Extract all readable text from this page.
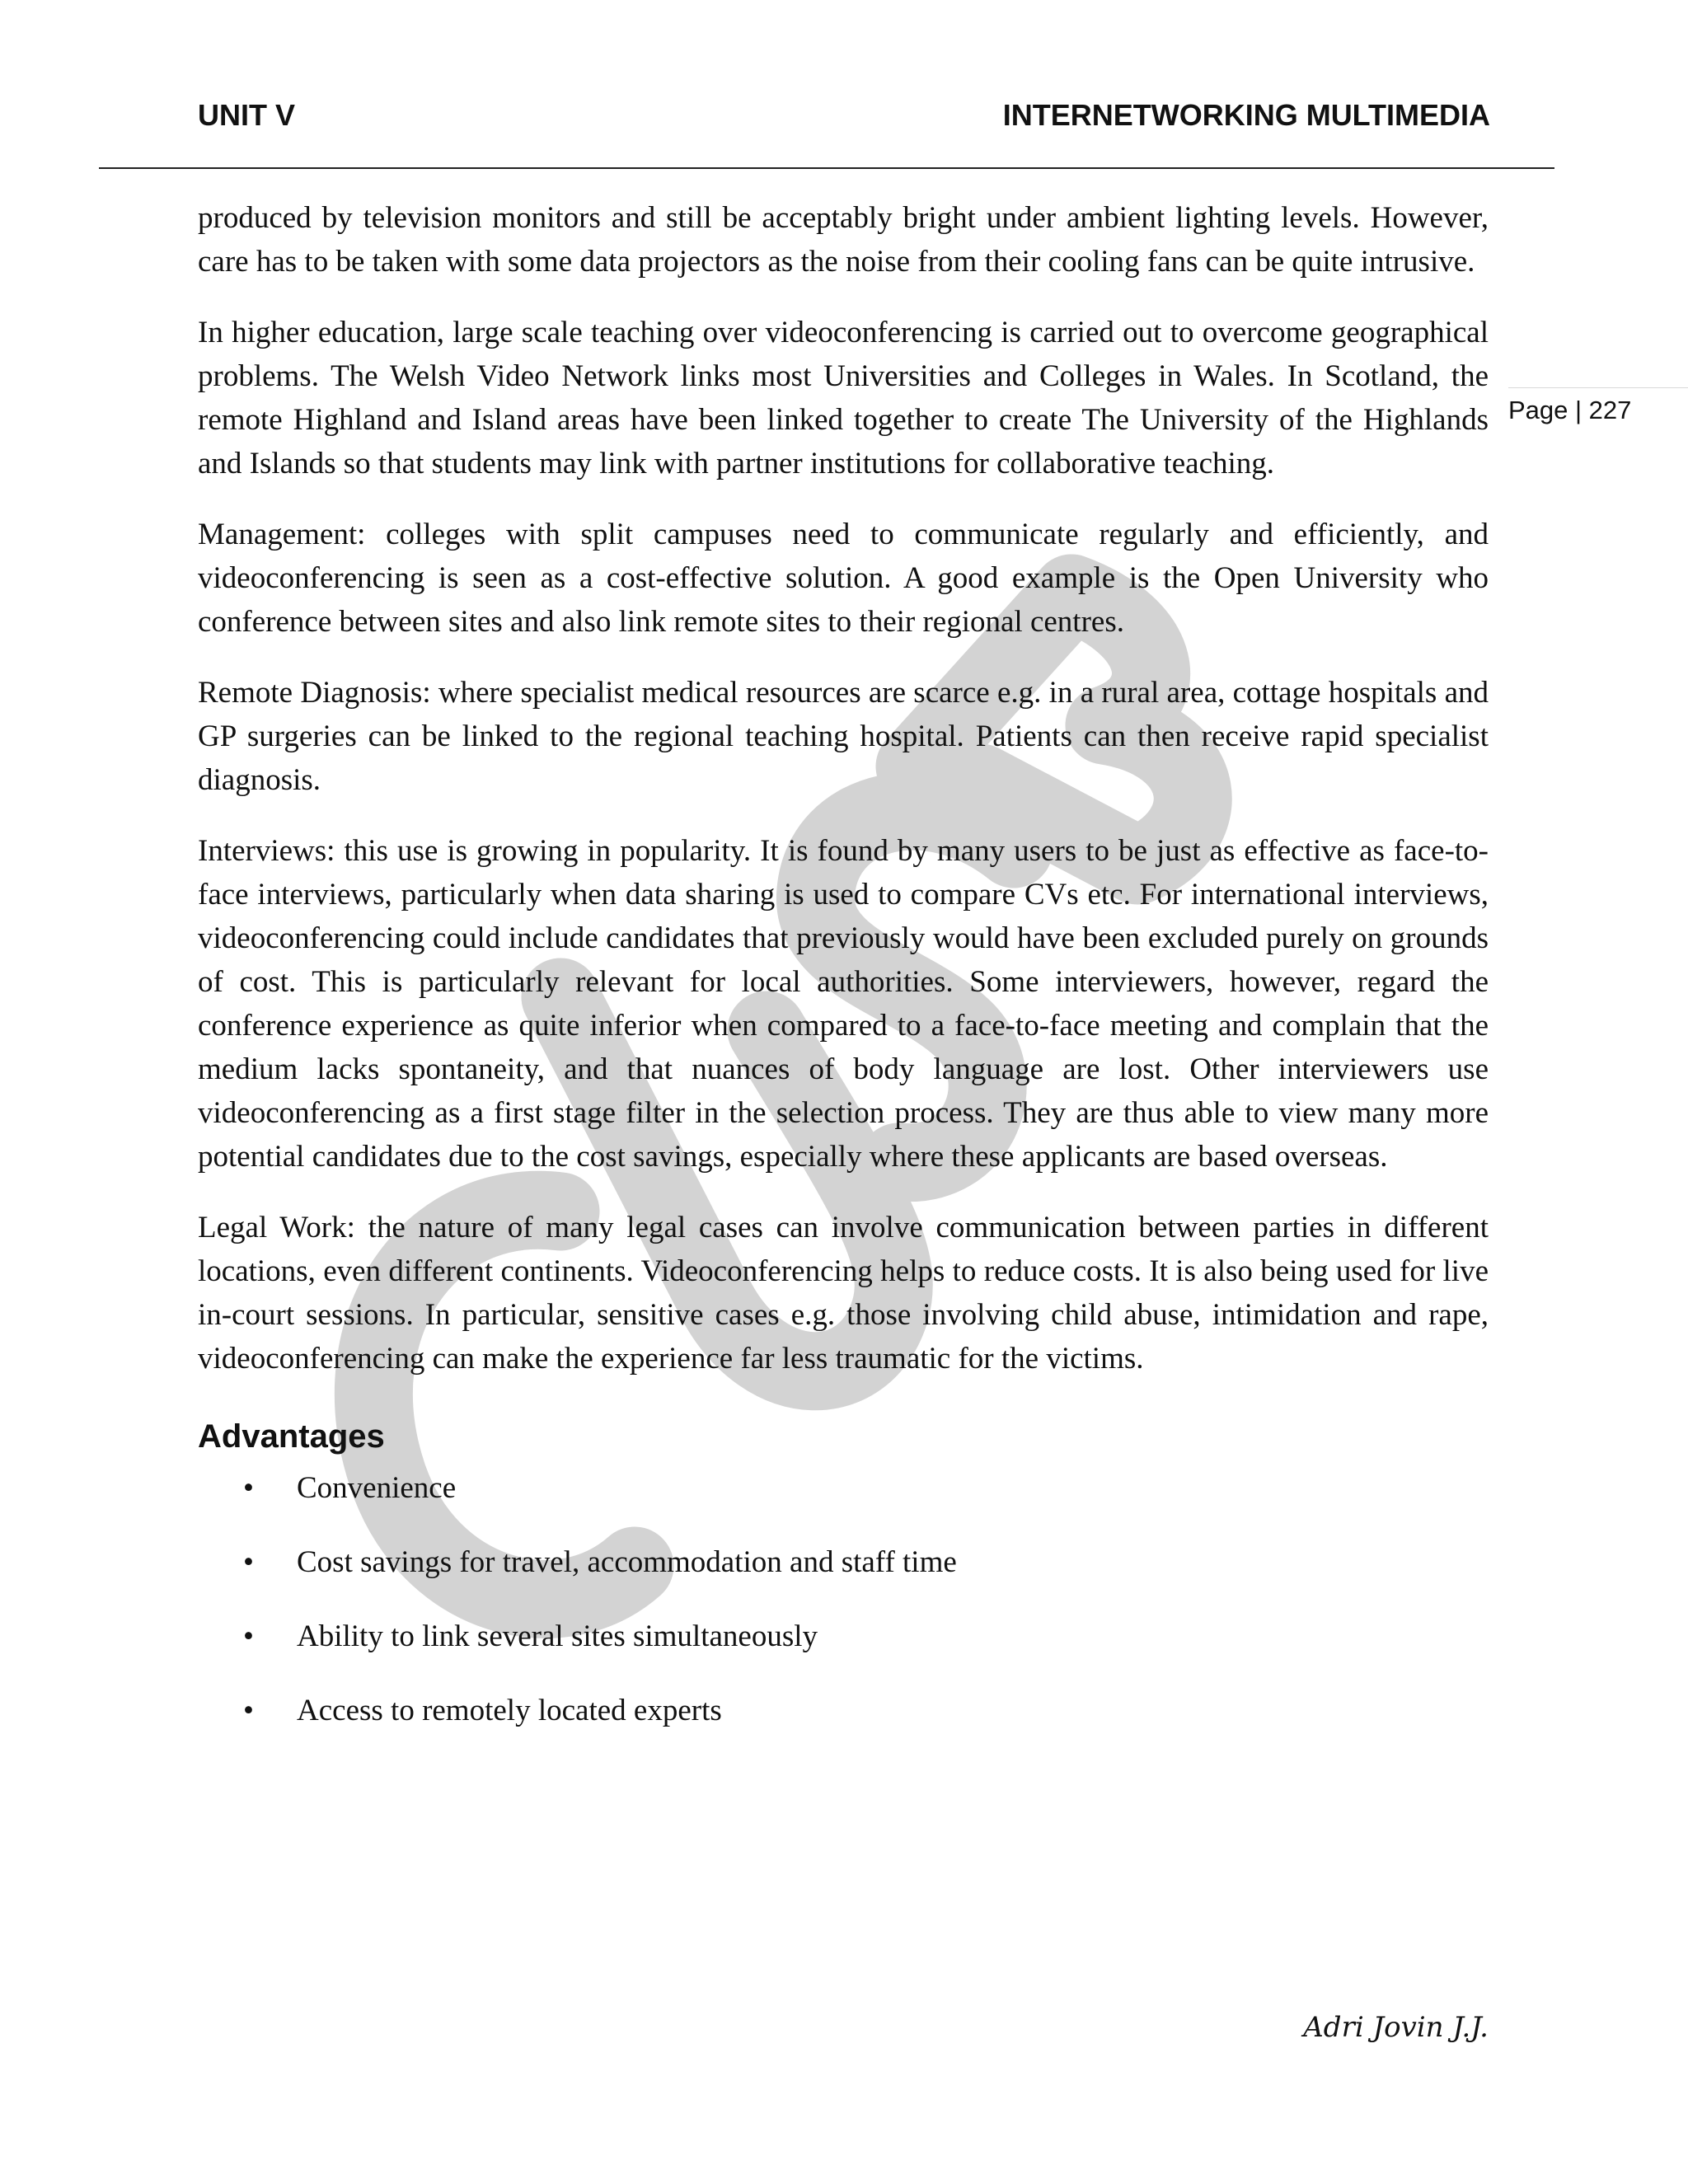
UNIT V	INTERNETWORKING MULTIMEDIA
Page | 227

produced by television monitors and still be acceptably bright under ambient lighting levels. However, care has to be taken with some data projectors as the noise from their cooling fans can be quite intrusive.

In higher education, large scale teaching over videoconferencing is carried out to overcome geographical problems. The Welsh Video Network links most Universities and Colleges in Wales. In Scotland, the remote Highland and Island areas have been linked together to create The University of the Highlands and Islands so that students may link with partner institutions for collaborative teaching.

Management: colleges with split campuses need to communicate regularly and efficiently, and videoconferencing is seen as a cost-effective solution. A good example is the Open University who conference between sites and also link remote sites to their regional centres.

Remote Diagnosis: where specialist medical resources are scarce e.g. in a rural area, cottage hospitals and GP surgeries can be linked to the regional teaching hospital. Patients can then receive rapid specialist diagnosis.

Interviews: this use is growing in popularity. It is found by many users to be just as effective as face-to-face interviews, particularly when data sharing is used to compare CVs etc. For international interviews, videoconferencing could include candidates that previously would have been excluded purely on grounds of cost. This is particularly relevant for local authorities. Some interviewers, however, regard the conference experience as quite inferior when compared to a face-to-face meeting and complain that the medium lacks spontaneity, and that nuances of body language are lost. Other interviewers use videoconferencing as a first stage filter in the selection process. They are thus able to view many more potential candidates due to the cost savings, especially where these applicants are based overseas.

Legal Work: the nature of many legal cases can involve communication between parties in different locations, even different continents. Videoconferencing helps to reduce costs. It is also being used for live in-court sessions. In particular, sensitive cases e.g. those involving child abuse, intimidation and rape, videoconferencing can make the experience far less traumatic for the victims.

Advantages
• Convenience
• Cost savings for travel, accommodation and staff time
• Ability to link several sites simultaneously
• Access to remotely located experts
Adri Jovin J.J.
